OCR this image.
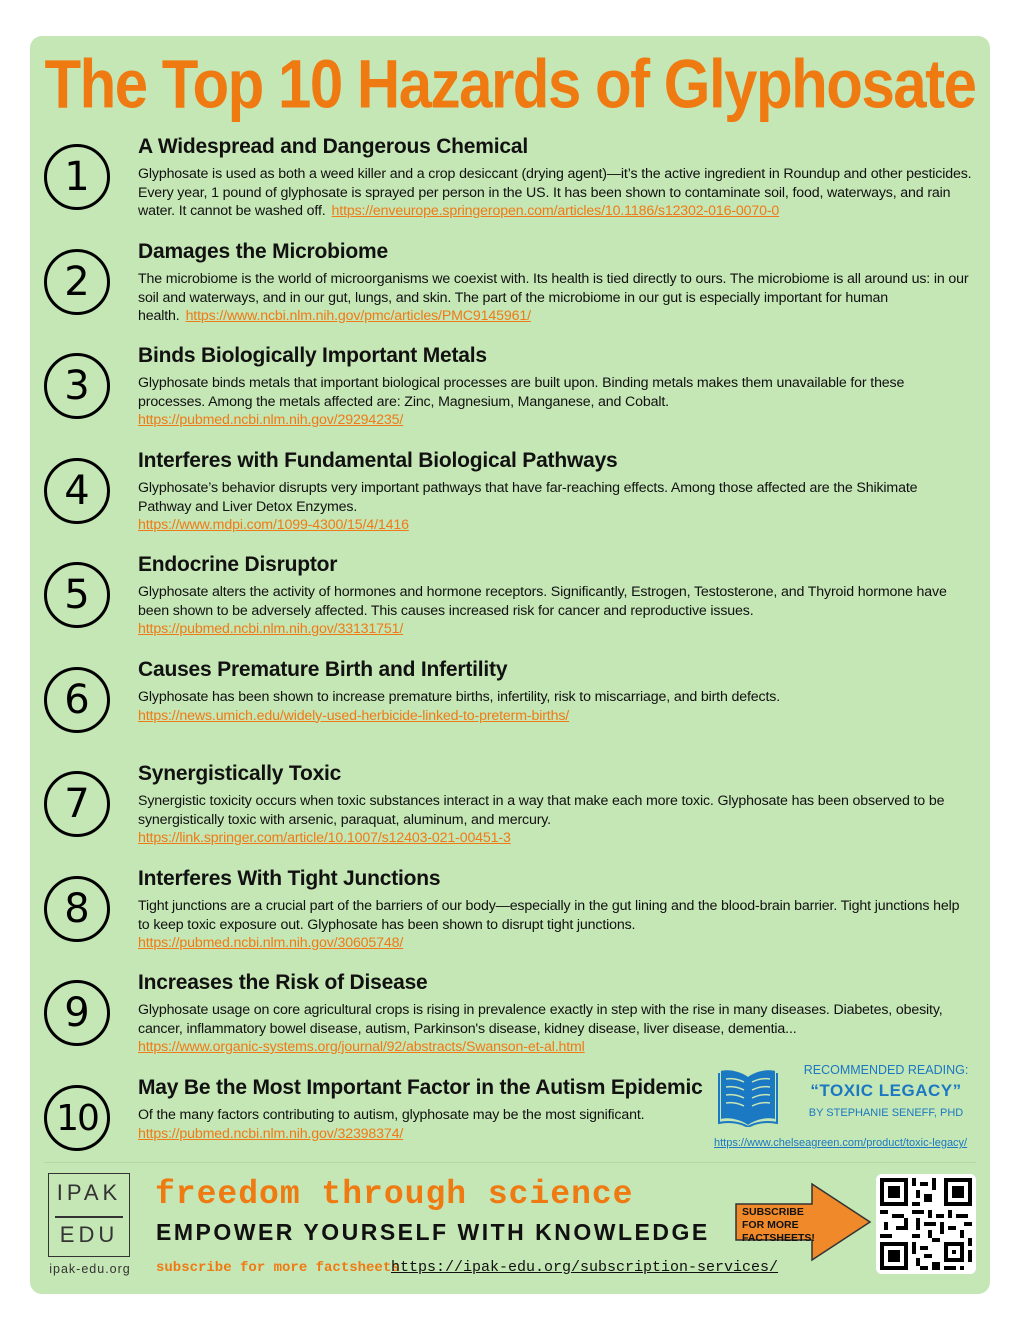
The Top 10 Hazards of Glyphosate
1
A Widespread and Dangerous Chemical
Glyphosate is used as both a weed killer and a crop desiccant (drying agent)—it’s the active ingredient in Roundup and other pesticides. Every year, 1 pound of glyphosate is sprayed per person in the US. It has been shown to contaminate soil, food, waterways, and rain water. It cannot be washed off. https://enveurope.springeropen.com/articles/10.1186/s12302-016-0070-0
2
Damages the Microbiome
The microbiome is the world of microorganisms we coexist with. Its health is tied directly to ours. The microbiome is all around us: in our soil and waterways, and in our gut, lungs, and skin. The part of the microbiome in our gut is especially important for human health. https://www.ncbi.nlm.nih.gov/pmc/articles/PMC9145961/
3
Binds Biologically Important Metals
Glyphosate binds metals that important biological processes are built upon. Binding metals makes them unavailable for these processes. Among the metals affected are: Zinc, Magnesium, Manganese, and Cobalt.
https://pubmed.ncbi.nlm.nih.gov/29294235/
4
Interferes with Fundamental Biological Pathways
Glyphosate’s behavior disrupts very important pathways that have far-reaching effects. Among those affected are the Shikimate Pathway and Liver Detox Enzymes.
https://www.mdpi.com/1099-4300/15/4/1416
5
Endocrine Disruptor
Glyphosate alters the activity of hormones and hormone receptors. Significantly, Estrogen, Testosterone, and Thyroid hormone have been shown to be adversely affected. This causes increased risk for cancer and reproductive issues.
https://pubmed.ncbi.nlm.nih.gov/33131751/
6
Causes Premature Birth and Infertility
Glyphosate has been shown to increase premature births, infertility, risk to miscarriage, and birth defects.
https://news.umich.edu/widely-used-herbicide-linked-to-preterm-births/
7
Synergistically Toxic
Synergistic toxicity occurs when toxic substances interact in a way that make each more toxic. Glyphosate has been observed to be synergistically toxic with arsenic, paraquat, aluminum, and mercury.
https://link.springer.com/article/10.1007/s12403-021-00451-3
8
Interferes With Tight Junctions
Tight junctions are a crucial part of the barriers of our body—especially in the gut lining and the blood-brain barrier. Tight junctions help to keep toxic exposure out. Glyphosate has been shown to disrupt tight junctions.
https://pubmed.ncbi.nlm.nih.gov/30605748/
9
Increases the Risk of Disease
Glyphosate usage on core agricultural crops is rising in prevalence exactly in step with the rise in many diseases. Diabetes, obesity, cancer, inflammatory bowel disease, autism, Parkinson's disease, kidney disease, liver disease, dementia...
https://www.organic-systems.org/journal/92/abstracts/Swanson-et-al.html
10
May Be the Most Important Factor in the Autism Epidemic
Of the many factors contributing to autism, glyphosate may be the most significant.
https://pubmed.ncbi.nlm.nih.gov/32398374/
RECOMMENDED READING:
“TOXIC LEGACY”
BY STEPHANIE SENEFF, PHD
https://www.chelseagreen.com/product/toxic-legacy/
IPAK
EDU
ipak-edu.org
freedom through science
EMPOWER YOURSELF WITH KNOWLEDGE
subscribe for more factsheets
https://ipak-edu.org/subscription-services/
SUBSCRIBE FOR MORE FACTSHEETS!
